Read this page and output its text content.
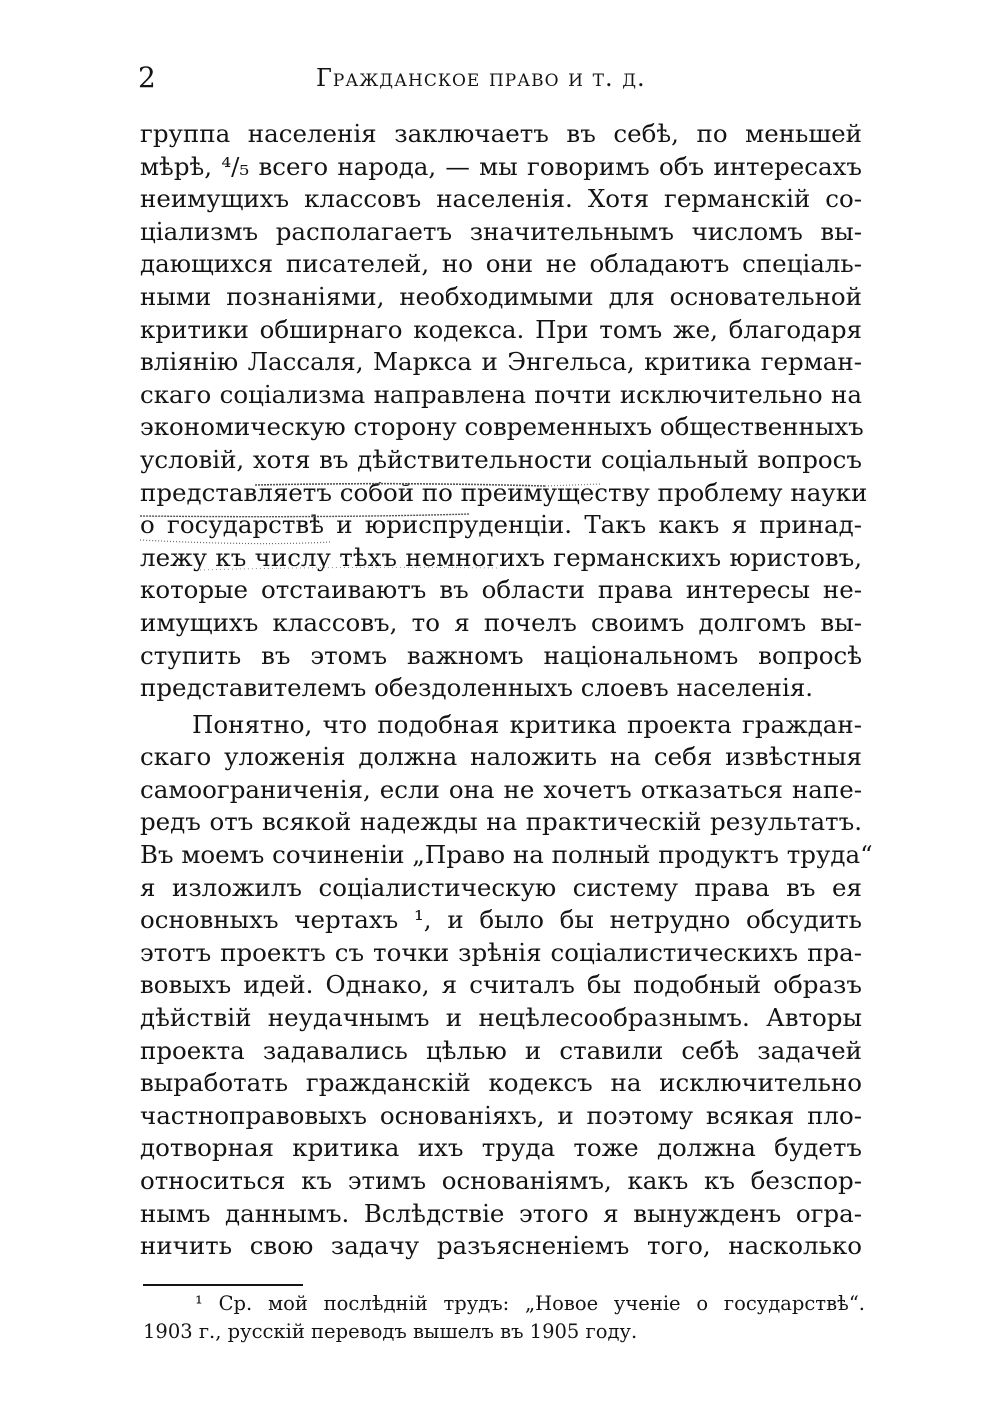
2	Гражданское право и т. д.
группа населенія заключаетъ въ себѣ, по меньшей
мѣрѣ, ⁴/₅ всего народа, — мы говоримъ объ интересахъ
неимущихъ классовъ населенія. Хотя германскій со-
ціализмъ располагаетъ значительнымъ числомъ вы-
дающихся писателей, но они не обладаютъ спеціаль-
ными познаніями, необходимыми для основательной
критики обширнаго кодекса. При томъ же, благодаря
вліянію Лассаля, Маркса и Энгельса, критика герман-
скаго соціализма направлена почти исключительно на
экономическую сторону современныхъ общественныхъ
условій, хотя въ дѣйствительности соціальный вопросъ
представляетъ собой по преимуществу проблему науки
о государствѣ и юриспруденціи. Такъ какъ я принад-
лежу къ числу тѣхъ немногихъ германскихъ юристовъ,
которые отстаиваютъ въ области права интересы не-
имущихъ классовъ, то я почелъ своимъ долгомъ вы-
ступить въ этомъ важномъ національномъ вопросѣ
представителемъ обездоленныхъ слоевъ населенія.
Понятно, что подобная критика проекта граждан-
скаго уложенія должна наложить на себя извѣстныя
самоограниченія, если она не хочетъ отказаться напе-
редъ отъ всякой надежды на практическій результатъ.
Въ моемъ сочиненіи „Право на полный продуктъ труда“
я изложилъ соціалистическую систему права въ ея
основныхъ чертахъ ¹, и было бы нетрудно обсудить
этотъ проектъ съ точки зрѣнія соціалистическихъ пра-
вовыхъ идей. Однако, я считалъ бы подобный образъ
дѣйствій неудачнымъ и нецѣлесообразнымъ. Авторы
проекта задавались цѣлью и ставили себѣ задачей
выработать гражданскій кодексъ на исключительно
частноправовыхъ основаніяхъ, и поэтому всякая пло-
дотворная критика ихъ труда тоже должна будетъ
относиться къ этимъ основаніямъ, какъ къ безспор-
нымъ даннымъ. Вслѣдствіе этого я вынужденъ огра-
ничить свою задачу разъясненіемъ того, насколько
¹ Ср. мой послѣдній трудъ: „Новое ученіе о государствѣ“.
1903 г., русскій переводъ вышелъ въ 1905 году.
